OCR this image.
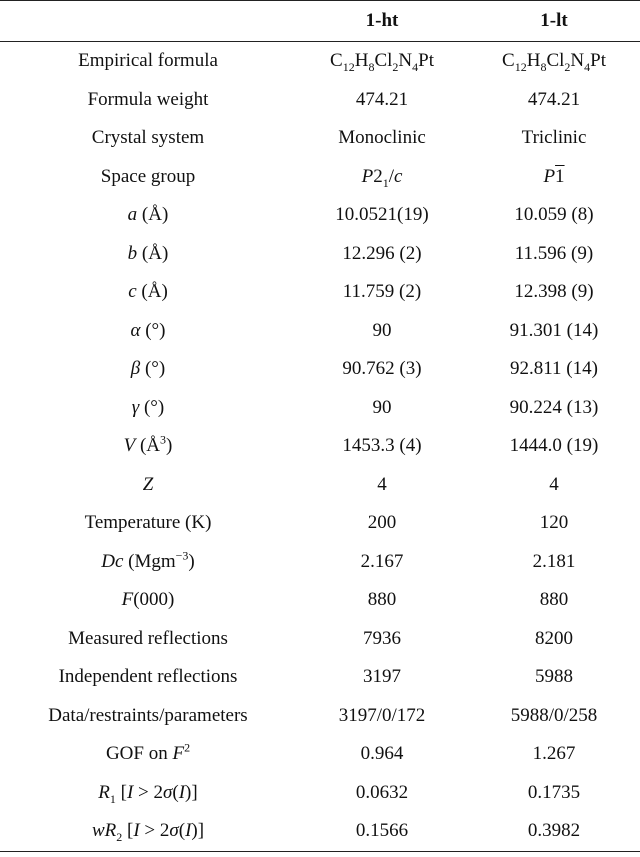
	1-ht	1-lt
Empirical formula	$C_{12}H_8Cl_2N_4Pt$	$C_{12}H_8Cl_2N_4Pt$
Formula weight	474.21	474.21
Crystal system	Monoclinic	Triclinic
Space group	$P2_1/c$	P1
a (Å)	10.0521(19)	10.059 (8)
b (Å)	12.296 (2)	11.596 (9)
c (Å)	11.759 (2)	12.398 (9)
α (°)	90	91.301 (14)
β (°)	90.762 (3)	92.811 (14)
γ (°)	90	90.224 (13)
V $(Å^3)$	1453.3 (4)	1444.0 (19)
Z	4	4
Temperature (K)	200	120
Dc (Mgm$^{-3}$)	2.167	2.181
F(000)	880	880
Measured reflections	7936	8200
Independent reflections	3197	5988
Data/restraints/parameters	3197/0/172	5988/0/258
GOF on $F^2$	0.964	1.267
$R_1$ [I > 2σ(I)]	0.0632	0.1735
$wR_2$ [I > 2σ(I)]	0.1566	0.3982
